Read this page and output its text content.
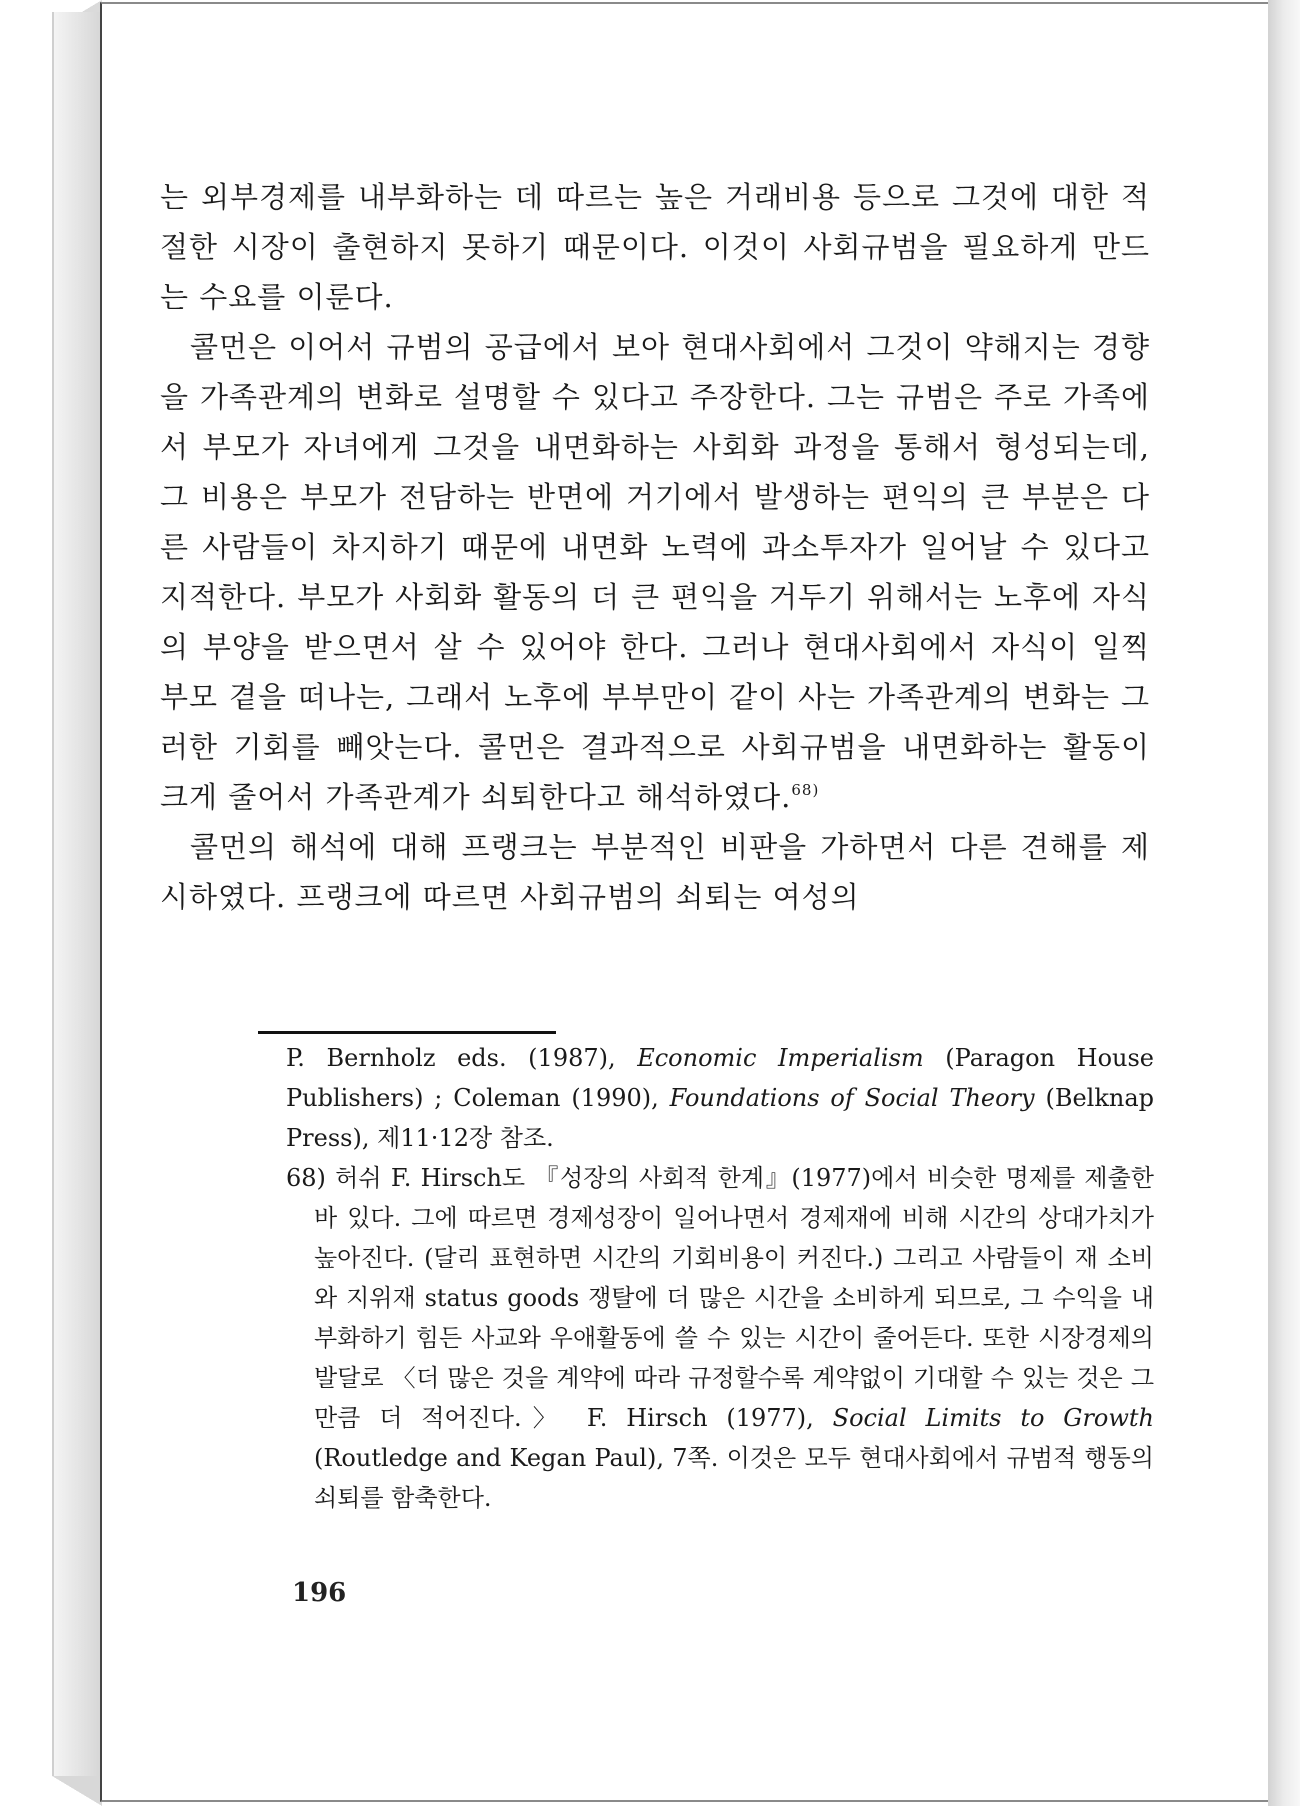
는 외부경제를 내부화하는 데 따르는 높은 거래비용 등으로 그것에 대한 적절한 시장이 출현하지 못하기 때문이다. 이것이 사회규범을 필요하게 만드는 수요를 이룬다.

콜먼은 이어서 규범의 공급에서 보아 현대사회에서 그것이 약해지는 경향을 가족관계의 변화로 설명할 수 있다고 주장한다. 그는 규범은 주로 가족에서 부모가 자녀에게 그것을 내면화하는 사회화 과정을 통해서 형성되는데, 그 비용은 부모가 전담하는 반면에 거기에서 발생하는 편익의 큰 부분은 다른 사람들이 차지하기 때문에 내면화 노력에 과소투자가 일어날 수 있다고 지적한다. 부모가 사회화 활동의 더 큰 편익을 거두기 위해서는 노후에 자식의 부양을 받으면서 살 수 있어야 한다. 그러나 현대사회에서 자식이 일찍 부모 곁을 떠나는, 그래서 노후에 부부만이 같이 사는 가족관계의 변화는 그러한 기회를 빼앗는다. 콜먼은 결과적으로 사회규범을 내면화하는 활동이 크게 줄어서 가족관계가 쇠퇴한다고 해석하였다.$^{68)}$

콜먼의 해석에 대해 프랭크는 부분적인 비판을 가하면서 다른 견해를 제시하였다. 프랭크에 따르면 사회규범의 쇠퇴는 여성의

P. Bernholz eds. (1987), Economic Imperialism (Paragon House Publishers) ; Coleman (1990), Foundations of Social Theory (Belknap Press), 제11·12장 참조.

68) 허쉬 F. Hirsch도 『성장의 사회적 한계』(1977)에서 비슷한 명제를 제출한 바 있다. 그에 따르면 경제성장이 일어나면서 경제재에 비해 시간의 상대가치가 높아진다. (달리 표현하면 시간의 기회비용이 커진다.) 그리고 사람들이 재 소비와 지위재 status goods 쟁탈에 더 많은 시간을 소비하게 되므로, 그 수익을 내부화하기 힘든 사교와 우애활동에 쓸 수 있는 시간이 줄어든다. 또한 시장경제의 발달로 〈더 많은 것을 계약에 따라 규정할수록 계약없이 기대할 수 있는 것은 그만큼 더 적어진다.〉 F. Hirsch (1977), Social Limits to Growth (Routledge and Kegan Paul), 7쪽. 이것은 모두 현대사회에서 규범적 행동의 쇠퇴를 함축한다.

196
